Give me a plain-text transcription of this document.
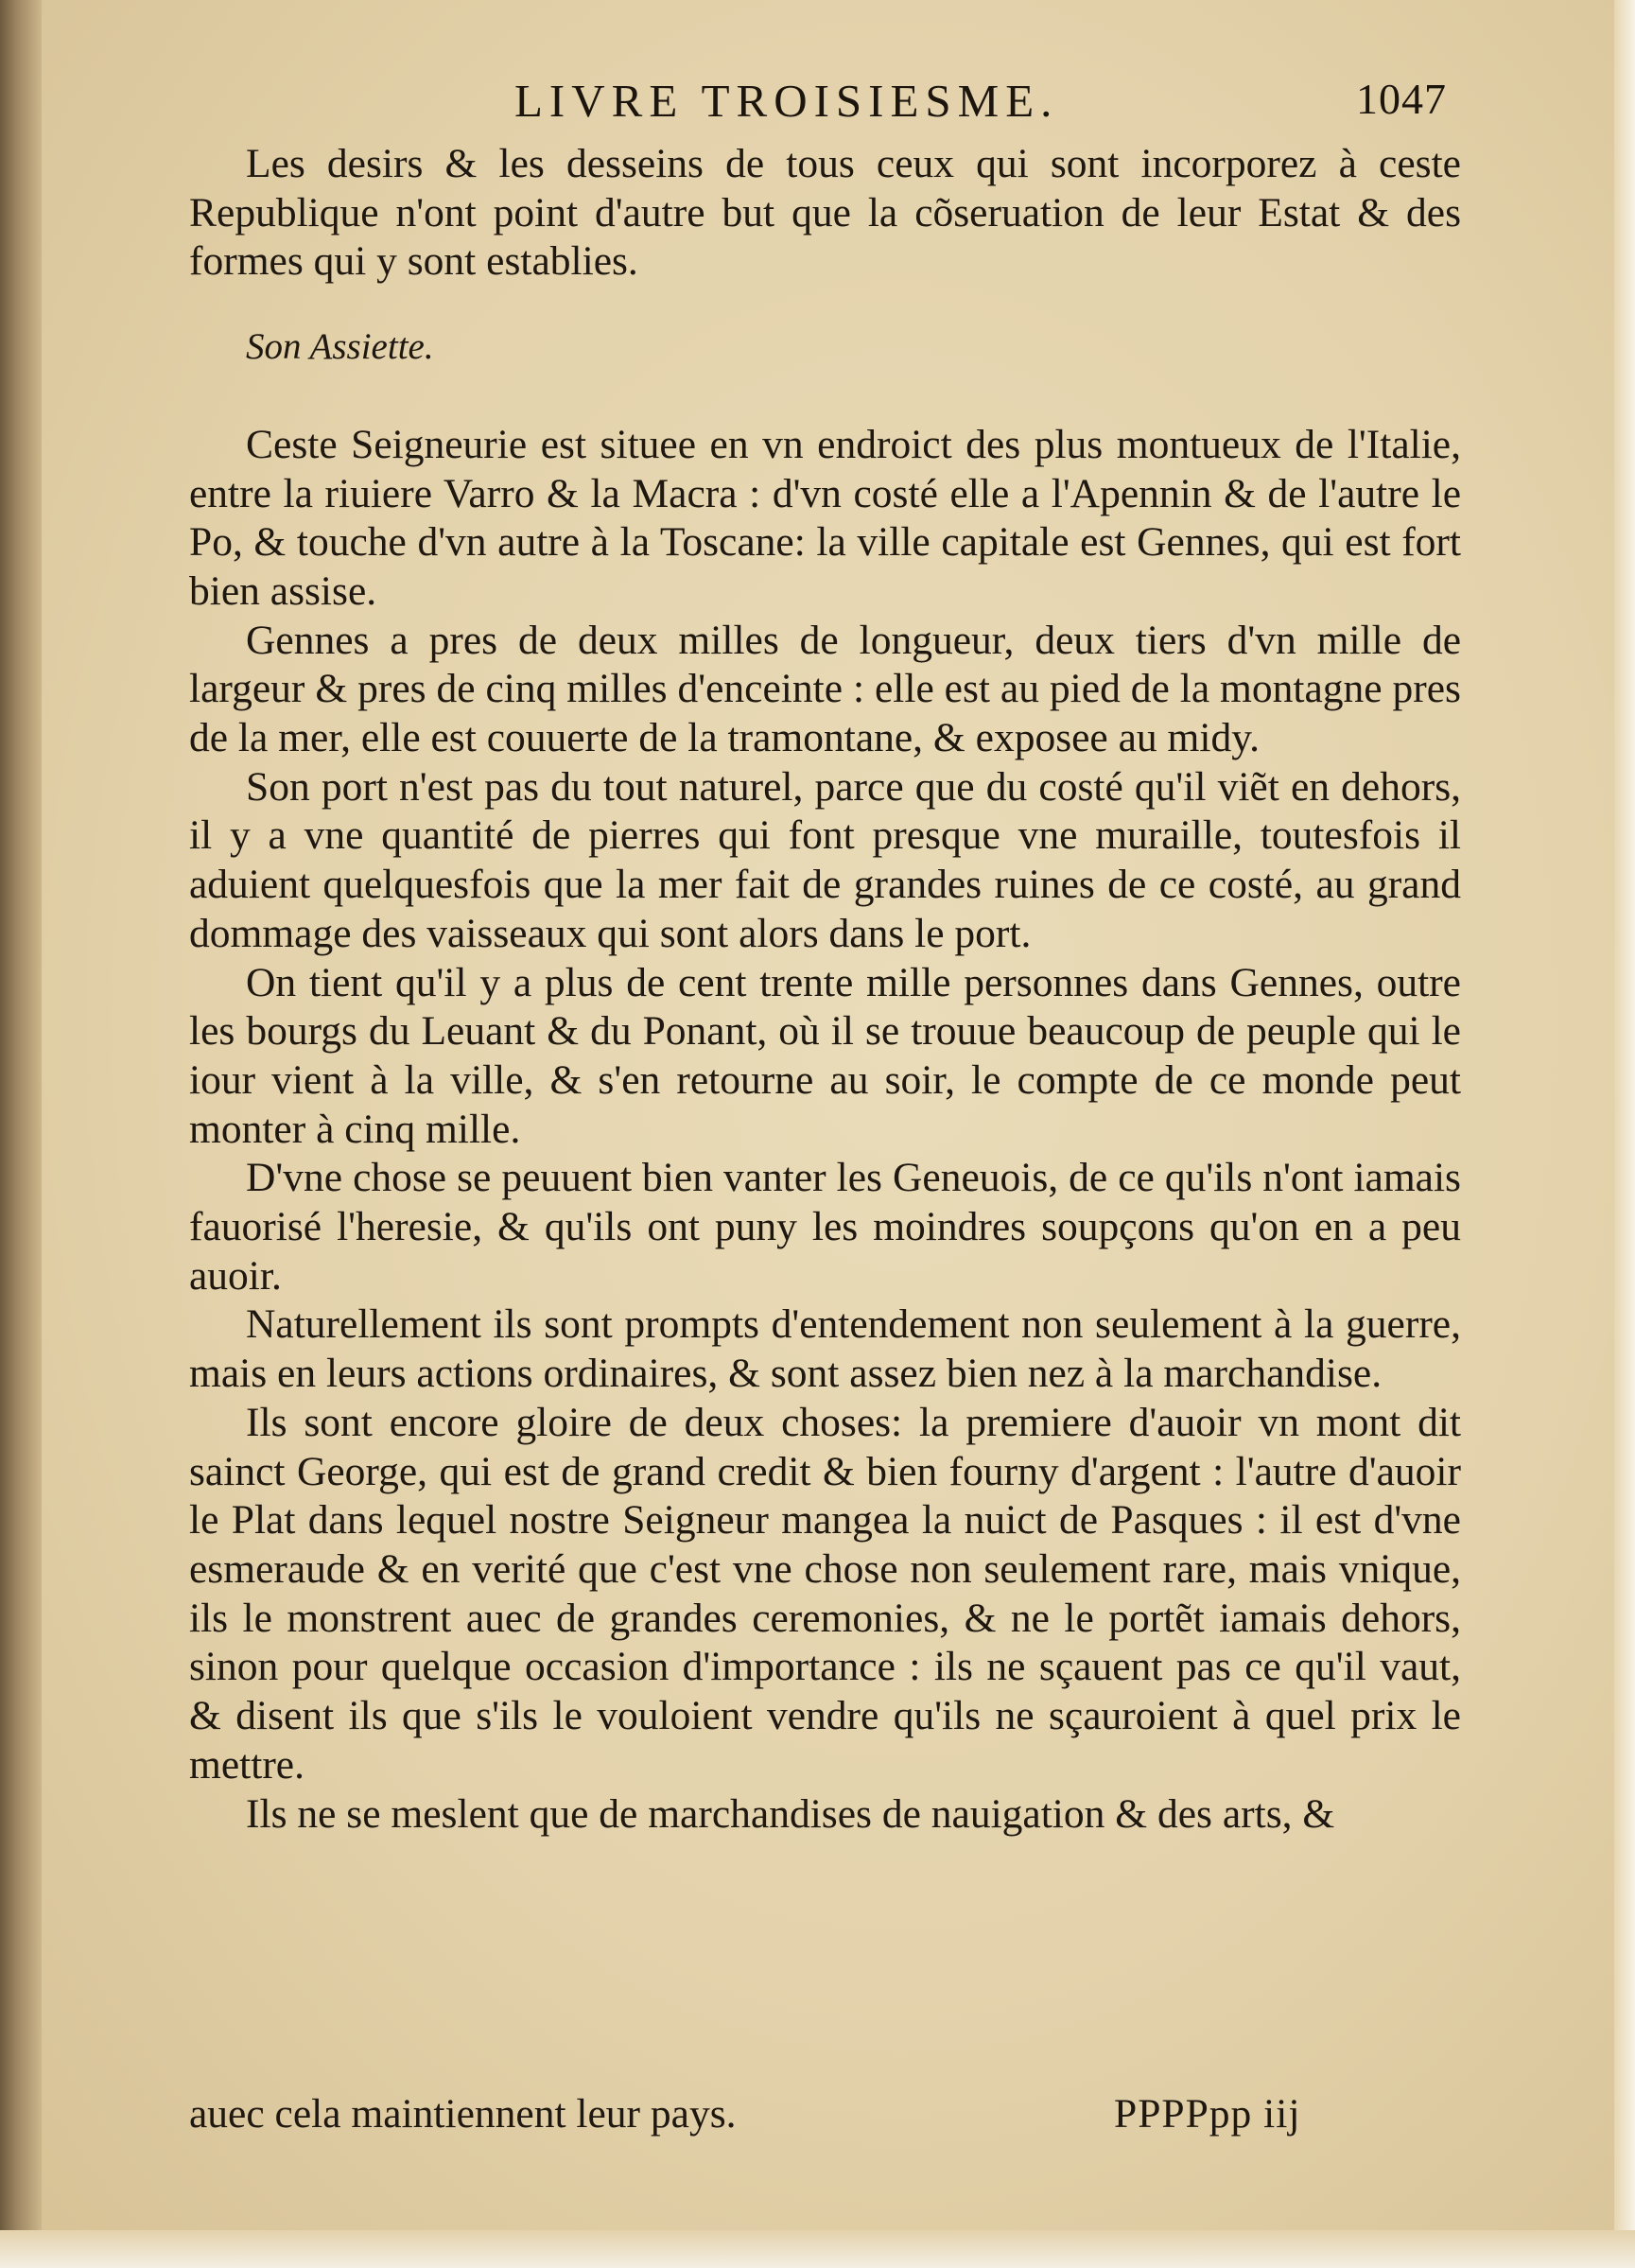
LIVRE TROISIESME.	1047

Les desirs & les desseins de tous ceux qui sont incorporez à ceste Republique n'ont point d'autre but que la cõseruation de leur Estat & des formes qui y sont establies.

Son Assiette.

Ceste Seigneurie est situee en vn endroict des plus montueux de l'Italie, entre la riuiere Varro & la Macra : d'vn costé elle a l'Apennin & de l'autre le Po, & touche d'vn autre à la Toscane: la ville capitale est Gennes, qui est fort bien assise.

Gennes a pres de deux milles de longueur, deux tiers d'vn mille de largeur & pres de cinq milles d'enceinte : elle est au pied de la montagne pres de la mer, elle est couuerte de la tramontane, & exposee au midy.

Son port n'est pas du tout naturel, parce que du costé qu'il viẽt en dehors, il y a vne quantité de pierres qui font presque vne muraille, toutesfois il aduient quelquesfois que la mer fait de grandes ruines de ce costé, au grand dommage des vaisseaux qui sont alors dans le port.

On tient qu'il y a plus de cent trente mille personnes dans Gennes, outre les bourgs du Leuant & du Ponant, où il se trouue beaucoup de peuple qui le iour vient à la ville, & s'en retourne au soir, le compte de ce monde peut monter à cinq mille.

D'vne chose se peuuent bien vanter les Geneuois, de ce qu'ils n'ont iamais fauorisé l'heresie, & qu'ils ont puny les moindres soupçons qu'on en a peu auoir.

Naturellement ils sont prompts d'entendement non seulement à la guerre, mais en leurs actions ordinaires, & sont assez bien nez à la marchandise.

Ils sont encore gloire de deux choses: la premiere d'auoir vn mont dit sainct George, qui est de grand credit & bien fourny d'argent : l'autre d'auoir le Plat dans lequel nostre Seigneur mangea la nuict de Pasques : il est d'vne esmeraude & en verité que c'est vne chose non seulement rare, mais vnique, ils le monstrent auec de grandes ceremonies, & ne le portẽt iamais dehors, sinon pour quelque occasion d'importance : ils ne sçauent pas ce qu'il vaut, & disent ils que s'ils le vouloient vendre qu'ils ne sçauroient à quel prix le mettre.

Ils ne se meslent que de marchandises de nauigation & des arts, &

auec cela maintiennent leur pays.	PPPPpp iij
